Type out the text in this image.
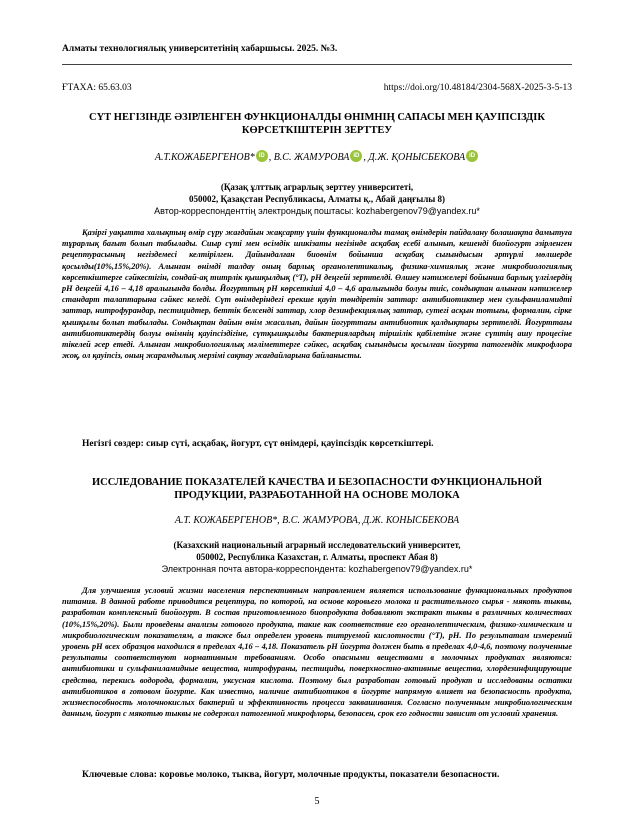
Алматы технологиялық университетінің хабаршысы. 2025. №3.
ҒТАХА: 65.63.03	https://doi.org/10.48184/2304-568X-2025-3-5-13
СҮТ НЕГІЗІНДЕ ӘЗІРЛЕНГЕН ФУНКЦИОНАЛДЫ ӨНІМНІҢ САПАСЫ МЕН ҚАУІПСІЗДІК КӨРСЕТКІШТЕРІН ЗЕРТТЕУ
А.Т.КОЖАБЕРГЕНОВ* iD , В.С. ЖАМУРОВА iD , Д.Ж. ҚОНЫСБЕКОВА iD
(Қазақ ұлттық аграрлық зерттеу университеті,
050002, Қазақстан Республикасы, Алматы қ., Абай даңғылы 8)
Автор-корреспонденттің электрондық поштасы: kozhabergenov79@yandex.ru*
Қазіргі уақытта халықтың өмір сүру жағдайын жақсарту үшін функционалды тамақ өнімдерін пайдалану болашақта дамытуға тұрарлық бағыт болып табылады. Сиыр сүті мен өсімдік шикізаты негізінде асқабақ есебі алынып, кешенді биойогурт әзірленген рецептурасының негіздемесі келтірілген. Дайындалған биоөнім бойынша асқабақ сығындысын әртүрлі мөлшерде қосылды(10%,15%,20%). Алынған өнімді талдау оның барлық органолептикалық, физика-химиялық және микробиологиялық көрсеткіштерге сәйкестігін, сондай-ақ титрлік қышқылдық (°Т), рН деңгейі зерттелді. Өлшеу нәтижелері бойынша барлық үлгілердің рН деңгейі 4,16 – 4,18 аралығында болды. Йогурттың рН көрсеткіші 4,0 – 4,6 аралығында болуы тиіс, сондықтан алынған нәтижелер стандарт талаптарына сәйкес келеді. Сүт өнімдеріндегі ерекше қауіп төндіретін заттар: антибиотиктер мен сульфаниламидті заттар, нитрофурандар, пестицидтер, беттік белсенді заттар, хлор дезинфекциялық заттар, сутегі асқын тотығы, формалин, сірке қышқылы болып табылады. Сондықтан дайын өнім жасалып, дайын йогурттағы антибиотик қалдықтары зерттелді. Йогурттағы антибиотиктердің болуы өнімнің қауіпсіздігіне, сүтқышқылды бактериялардың тіршілік қабілетіне және сүттің ашу процесіне тікелей әсер етеді. Алынған микробиологиялық мәліметтерге сәйкес, асқабақ сығындысы қосылған йогурта патогендік микрофлора жоқ, ол қауіпсіз, оның жарамдылық мерзімі сақтау жағдайларына байланысты.
Негізгі сөздер: сиыр сүті, асқабақ, йогурт, сүт өнімдері, қауіпсіздік көрсеткіштері.
ИССЛЕДОВАНИЕ ПОКАЗАТЕЛЕЙ КАЧЕСТВА И БЕЗОПАСНОСТИ ФУНКЦИОНАЛЬНОЙ ПРОДУКЦИИ, РАЗРАБОТАННОЙ НА ОСНОВЕ МОЛОКА
А.Т. КОЖАБЕРГЕНОВ*, В.С. ЖАМУРОВА, Д.Ж. КОНЫСБЕКОВА
(Казахский национальный аграрный исследовательский университет,
050002, Республика Казахстан, г. Алматы, проспект Абая 8)
Электронная почта автора-корреспондента: kozhabergenov79@yandex.ru*
Для улучшения условий жизни населения перспективным направлением является использование функциональных продуктов питания. В данной работе приводится рецептура, по которой, на основе коровьего молока и растительного сырья - мякоть тыквы, разработан комплексный биойогурт. В состав приготовленного биопродукта добавляют экстракт тыквы в различных количествах (10%,15%,20%). Были проведены анализы готового продукта, такие как соответствие его органолептическим, физико-химическим и микробиологическим показателям, а также был определен уровень титруемой кислотности (°Т), рН. По результатам измерений уровень рН всех образцов находился в пределах 4,16 – 4,18. Показатель рН йогурта должен быть в пределах 4,0-4,6, поэтому полученные результаты соответствуют нормативным требованиям. Особо опасными веществами в молочных продуктах являются: антибиотики и сульфаниламидные вещества, нитрофураны, пестициды, поверхностно-активные вещества, хлордезинфицирующие средства, перекись водорода, формалин, уксусная кислота. Поэтому был разработан готовый продукт и исследованы остатки антибиотиков в готовом йогурте. Как известно, наличие антибиотиков в йогурте напрямую влияет на безопасность продукта, жизнеспособность молочнокислых бактерий и эффективность процесса заквашивания. Согласно полученным микробиологическим данным, йогурт с мякотью тыквы не содержал патогенной микрофлоры, безопасен, срок его годности зависит от условий хранения.
Ключевые слова: коровье молоко, тыква, йогурт, молочные продукты, показатели безопасности.
5
